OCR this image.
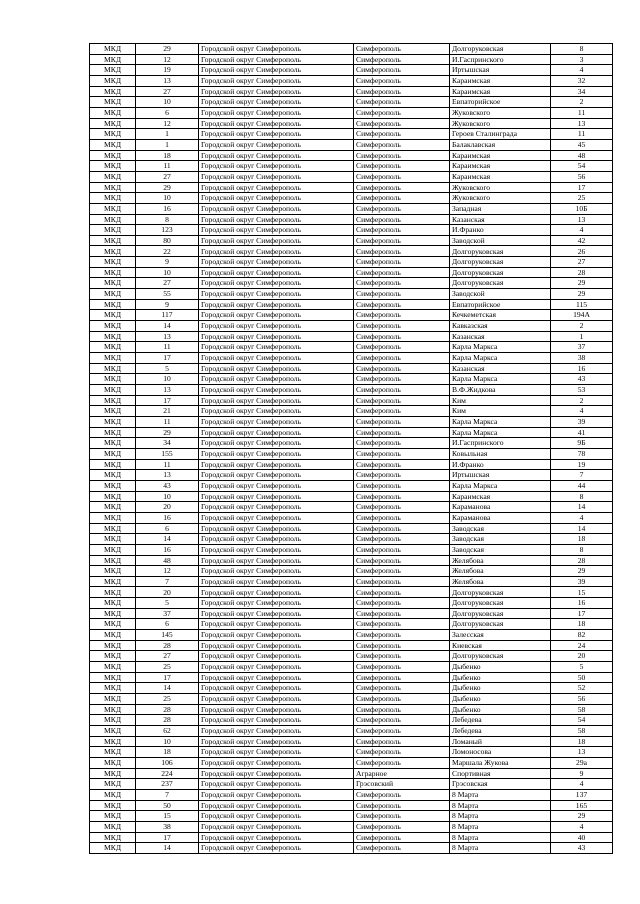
МКД	29	Городской округ Симферополь	Симферополь	Долгоруковская	8
МКД	12	Городской округ Симферополь	Симферополь	И.Гаспринского	3
МКД	19	Городской округ Симферополь	Симферополь	Иртышская	4
МКД	13	Городской округ Симферополь	Симферополь	Караимская	32
МКД	27	Городской округ Симферополь	Симферополь	Караимская	34
МКД	10	Городской округ Симферополь	Симферополь	Евпаторийское	2
МКД	6	Городской округ Симферополь	Симферополь	Жуковского	11
МКД	12	Городской округ Симферополь	Симферополь	Жуковского	13
МКД	1	Городской округ Симферополь	Симферополь	Героев Сталинграда	11
МКД	1	Городской округ Симферополь	Симферополь	Балаклавская	45
МКД	18	Городской округ Симферополь	Симферополь	Караимская	48
МКД	11	Городской округ Симферополь	Симферополь	Караимская	54
МКД	27	Городской округ Симферополь	Симферополь	Караимская	56
МКД	29	Городской округ Симферополь	Симферополь	Жуковского	17
МКД	10	Городской округ Симферополь	Симферополь	Жуковского	25
МКД	16	Городской округ Симферополь	Симферополь	Западная	10Б
МКД	8	Городской округ Симферополь	Симферополь	Казанская	13
МКД	123	Городской округ Симферополь	Симферополь	И.Франко	4
МКД	80	Городской округ Симферополь	Симферополь	Заводской	42
МКД	22	Городской округ Симферополь	Симферополь	Долгоруковская	26
МКД	9	Городской округ Симферополь	Симферополь	Долгоруковская	27
МКД	10	Городской округ Симферополь	Симферополь	Долгоруковская	28
МКД	27	Городской округ Симферополь	Симферополь	Долгоруковская	29
МКД	55	Городской округ Симферополь	Симферополь	Заводской	29
МКД	9	Городской округ Симферополь	Симферополь	Евпаторийское	115
МКД	117	Городской округ Симферополь	Симферополь	Кечкеметская	194А
МКД	14	Городской округ Симферополь	Симферополь	Кавказская	2
МКД	13	Городской округ Симферополь	Симферополь	Казанская	1
МКД	11	Городской округ Симферополь	Симферополь	Карла Маркса	37
МКД	17	Городской округ Симферополь	Симферополь	Карла Маркса	38
МКД	5	Городской округ Симферополь	Симферополь	Казанская	16
МКД	10	Городской округ Симферополь	Симферополь	Карла Маркса	43
МКД	13	Городской округ Симферополь	Симферополь	В.Ф.Жидкова	53
МКД	17	Городской округ Симферополь	Симферополь	Ким	2
МКД	21	Городской округ Симферополь	Симферополь	Ким	4
МКД	11	Городской округ Симферополь	Симферополь	Карла Маркса	39
МКД	29	Городской округ Симферополь	Симферополь	Карла Маркса	41
МКД	34	Городской округ Симферополь	Симферополь	И.Гаспринского	9Б
МКД	155	Городской округ Симферополь	Симферополь	Ковыльная	78
МКД	11	Городской округ Симферополь	Симферополь	И.Франко	19
МКД	13	Городской округ Симферополь	Симферополь	Иртышская	7
МКД	43	Городской округ Симферополь	Симферополь	Карла Маркса	44
МКД	10	Городской округ Симферополь	Симферополь	Караимская	8
МКД	20	Городской округ Симферополь	Симферополь	Караманова	14
МКД	16	Городской округ Симферополь	Симферополь	Караманова	4
МКД	6	Городской округ Симферополь	Симферополь	Заводская	14
МКД	14	Городской округ Симферополь	Симферополь	Заводская	18
МКД	16	Городской округ Симферополь	Симферополь	Заводская	8
МКД	48	Городской округ Симферополь	Симферополь	Желябова	28
МКД	12	Городской округ Симферополь	Симферополь	Желябова	29
МКД	7	Городской округ Симферополь	Симферополь	Желябова	39
МКД	20	Городской округ Симферополь	Симферополь	Долгоруковская	15
МКД	5	Городской округ Симферополь	Симферополь	Долгоруковская	16
МКД	37	Городской округ Симферополь	Симферополь	Долгоруковская	17
МКД	6	Городской округ Симферополь	Симферополь	Долгоруковская	18
МКД	145	Городской округ Симферополь	Симферополь	Залесская	82
МКД	28	Городской округ Симферополь	Симферополь	Киевская	24
МКД	27	Городской округ Симферополь	Симферополь	Долгоруковская	20
МКД	25	Городской округ Симферополь	Симферополь	Дыбенко	5
МКД	17	Городской округ Симферополь	Симферополь	Дыбенко	50
МКД	14	Городской округ Симферополь	Симферополь	Дыбенко	52
МКД	25	Городской округ Симферополь	Симферополь	Дыбенко	56
МКД	28	Городской округ Симферополь	Симферополь	Дыбенко	58
МКД	28	Городской округ Симферополь	Симферополь	Лебедева	54
МКД	62	Городской округ Симферополь	Симферополь	Лебедева	58
МКД	10	Городской округ Симферополь	Симферополь	Ломаный	18
МКД	18	Городской округ Симферополь	Симферополь	Ломоносова	13
МКД	106	Городской округ Симферополь	Симферополь	Маршала Жукова	29а
МКД	224	Городской округ Симферополь	Аграрное	Спортивная	9
МКД	237	Городской округ Симферополь	Грэсовский	Грэсовская	4
МКД	7	Городской округ Симферополь	Симферополь	8 Марта	137
МКД	50	Городской округ Симферополь	Симферополь	8 Марта	165
МКД	15	Городской округ Симферополь	Симферополь	8 Марта	29
МКД	38	Городской округ Симферополь	Симферополь	8 Марта	4
МКД	17	Городской округ Симферополь	Симферополь	8 Марта	40
МКД	14	Городской округ Симферополь	Симферополь	8 Марта	43
